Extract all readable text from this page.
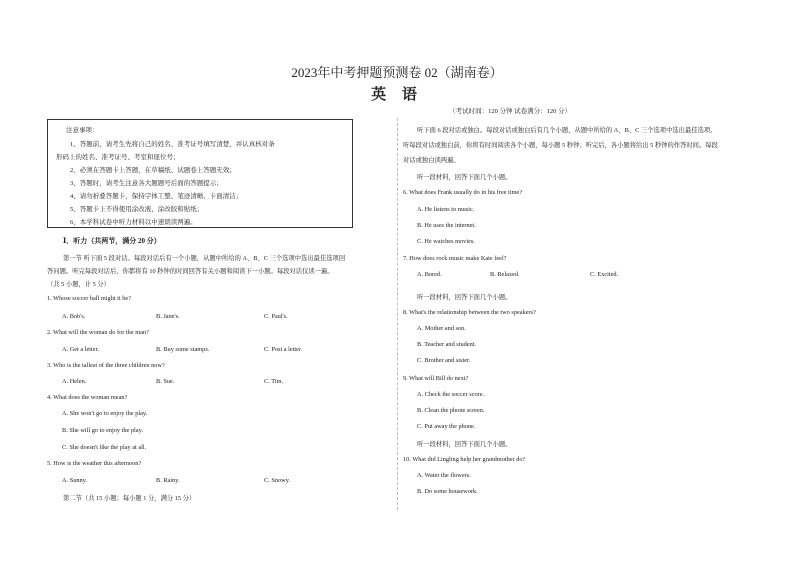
2023年中考押题预测卷 02（湖南卷）
英 语
（考试时间：120 分钟 试卷满分：120 分）
注意事项：
1、答题前，请考生先将自己的姓名、准考证号填写清楚，并认真核对条
形码上的姓名、准考证号、考室和座位号；
2、必须在答题卡上答题，在草稿纸、试题卷上答题无效；
3、答题时，请考生注意各大题题号后面的答题提示；
4、请勿折叠答题卡，保持字体工整、笔迹清晰、卡面清洁；
5、答题卡上不得使用涂改液、涂改胶和贴纸；
6、本学科试卷中听力材料以中速朗读两遍。
Ⅰ．听力（共两节，满分 20 分）
第一节 听下面 5 段对话。每段对话后有一个小题，从题中所给的 A、B、C 三个选项中选出最佳选项回
答问题。听完每段对话后，你都将有 10 秒钟的时间回答有关小题和阅读下一小题。每段对话仅读一遍。
（共 5 小题，计 5 分）
1. Whose soccer ball might it be?
A. Bob's.	B. Jane's.	C. Paul's.
2. What will the woman do for the man?
A. Get a letter.	B. Buy some stamps.	C. Post a letter.
3. Who is the tallest of the three children now?
A. Helen.	B. Sue.	C. Tim.
4. What does the woman mean?
A. She won't go to enjoy the play.
B. She will go to enjoy the play.
C. She doesn't like the play at all.
5. How is the weather this afternoon?
A. Sunny.	B. Rainy.	C. Snowy.
第二节（共 15 小题；每小题 1 分，满分 15 分）
听下面 6 段对话或独白。每段对话或独白后有几个小题，从题中所给的 A、B、C 三个选项中选出最佳选项。
听每段对话或独白前，你将有时间阅读各个小题，每小题 5 秒钟；听完后，各小题将给出 5 秒钟的作答时间。每段
对话或独白读两遍。
听一段材料，回答下面几个小题。
6. What does Frank usually do in his free time?
A. He listens to music.
B. He uses the internet.
C. He watches movies.
7. How does rock music make Kate feel?
A. Bored.	B. Relaxed.	C. Excited.
听一段材料，回答下面几个小题。
8. What's the relationship between the two speakers?
A. Mother and son.
B. Teacher and student.
C. Brother and sister.
9. What will Bill do next?
A. Check the soccer score.
B. Clean the phone screen.
C. Put away the phone.
听一段材料，回答下面几个小题。
10. What did Lingling help her grandmother do?
A. Water the flowers.
B. Do some housework.
